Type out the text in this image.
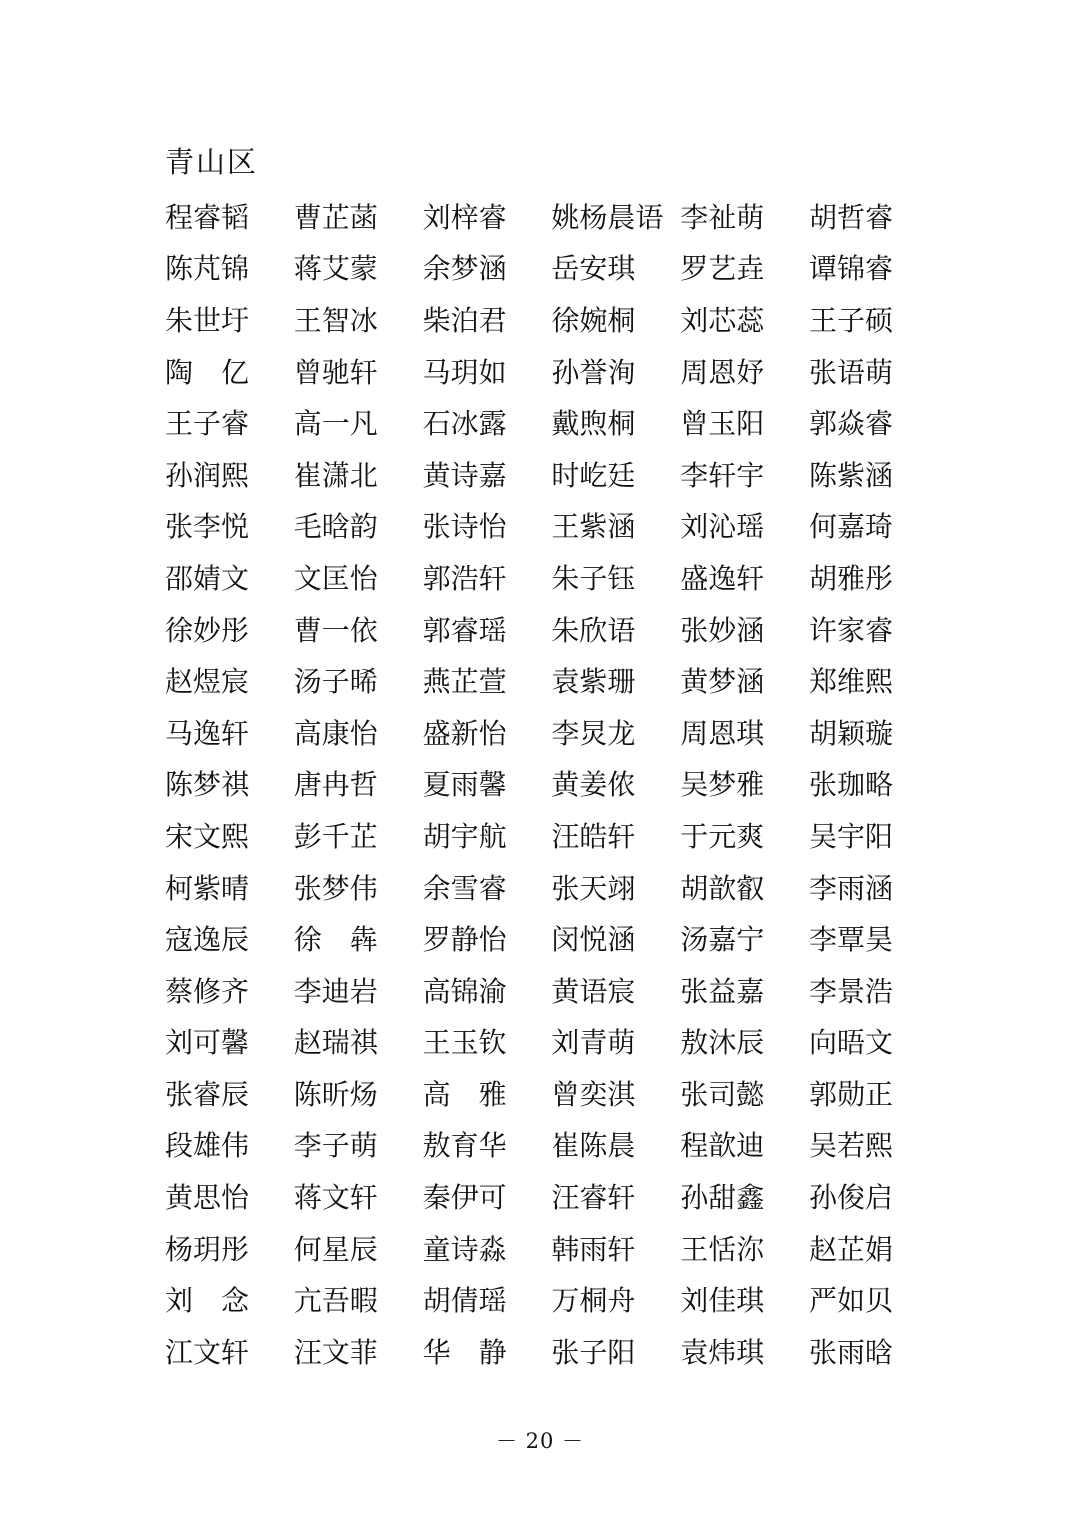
青山区
程睿韬	曹芷菡	刘梓睿	姚杨晨语 李祉萌	胡哲睿
陈芃锦	蒋艾蒙	余梦涵	岳安琪	罗艺垚	谭锦睿
朱世圩	王智冰	柴泊君	徐婉桐	刘芯蕊	王子硕
陶　亿	曾驰轩	马玥如	孙誉洵	周恩妤	张语萌
王子睿	高一凡	石冰露	戴煦桐	曾玉阳	郭焱睿
孙润熙	崔潇北	黄诗嘉	时屹廷	李轩宇	陈紫涵
张李悦	毛晗韵	张诗怡	王紫涵	刘沁瑶	何嘉琦
邵婧文	文匡怡	郭浩轩	朱子钰	盛逸轩	胡雅彤
徐妙彤	曹一依	郭睿瑶	朱欣语	张妙涵	许家睿
赵煜宸	汤子晞	燕芷萱	袁紫珊	黄梦涵	郑维熙
马逸轩	高康怡	盛新怡	李炅龙	周恩琪	胡颖璇
陈梦祺	唐冉哲	夏雨馨	黄姜侬	吴梦雅	张珈略
宋文熙	彭千芷	胡宇航	汪皓轩	于元爽	吴宇阳
柯紫晴	张梦伟	余雪睿	张天翊	胡歆叡	李雨涵
寇逸辰	徐　犇	罗静怡	闵悦涵	汤嘉宁	李覃昊
蔡修齐	李迪岩	高锦渝	黄语宸	张益嘉	李景浩
刘可馨	赵瑞祺	王玉钦	刘青萌	敖沐辰	向晤文
张睿辰	陈昕炀	高　雅	曾奕淇	张司懿	郭勋正
段雄伟	李子萌	敖育华	崔陈晨	程歆迪	吴若熙
黄思怡	蒋文轩	秦伊可	汪睿轩	孙甜鑫	孙俊启
杨玥彤	何星辰	童诗淼	韩雨轩	王恬沵	赵芷娟
刘　念	亢吾暇	胡倩瑶	万桐舟	刘佳琪	严如贝
江文轩	汪文菲	华　静	张子阳	袁炜琪	张雨晗
－ 20 －
